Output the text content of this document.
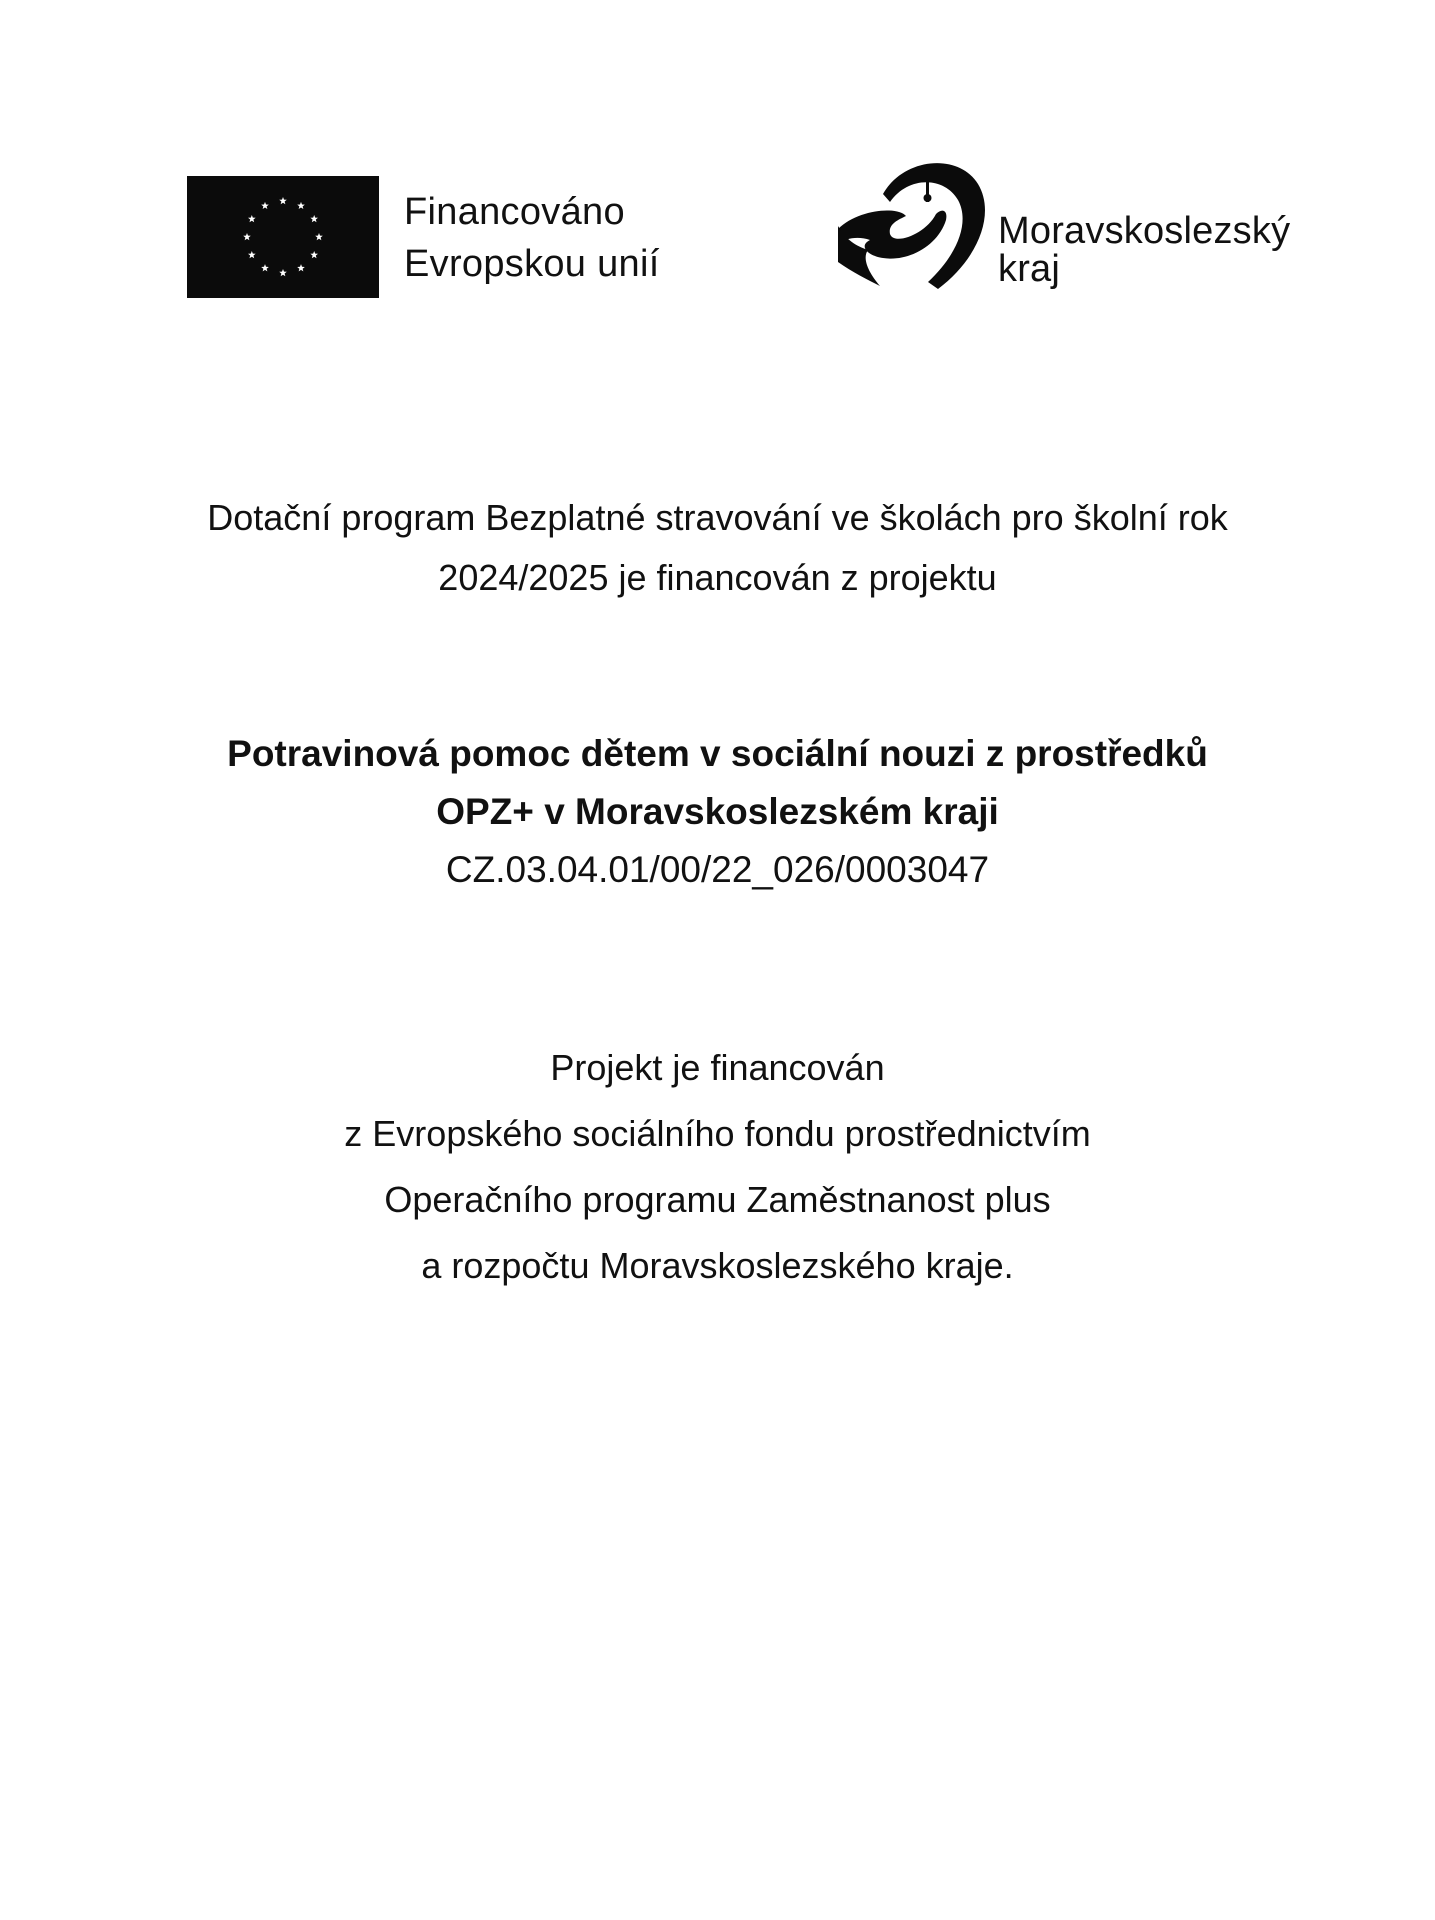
Financováno
Evropskou unií
Moravskoslezský
kraj
Dotační program Bezplatné stravování ve školách pro školní rok
2024/2025 je financován z projektu
Potravinová pomoc dětem v sociální nouzi z prostředků
OPZ+ v Moravskoslezském kraji
CZ.03.04.01/00/22_026/0003047
Projekt je financován
z Evropského sociálního fondu prostřednictvím
Operačního programu Zaměstnanost plus
a rozpočtu Moravskoslezského kraje.
